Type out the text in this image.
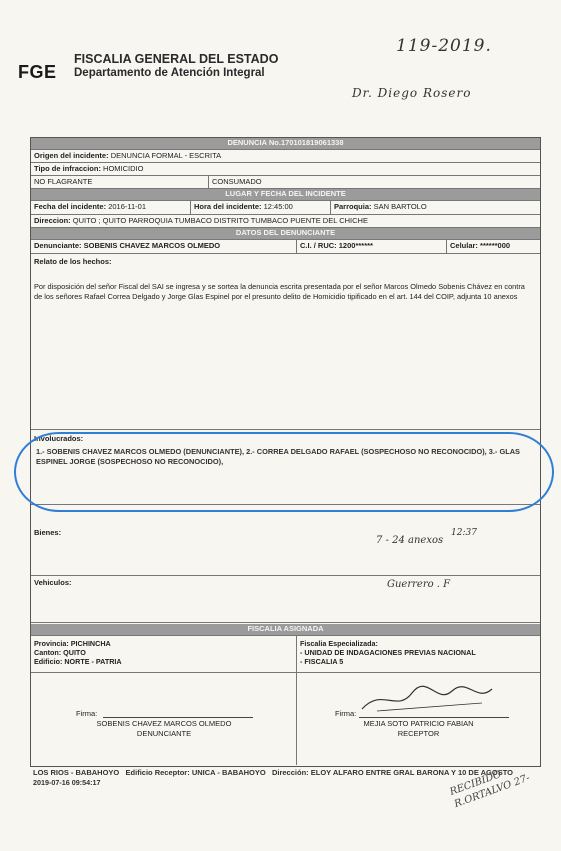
FGE
FISCALIA GENERAL DEL ESTADO
Departamento de Atención Integral
119-2019.
Dr. Diego Rosero
DENUNCIA No.170101819061338
Origen del incidente: DENUNCIA FORMAL - ESCRITA
Tipo de infraccion: HOMICIDIO
NO FLAGRANTE	CONSUMADO
LUGAR Y FECHA DEL INCIDENTE
Fecha del incidente: 2016-11-01	Hora del incidente: 12:45:00	Parroquia: SAN BARTOLO
Direccion: QUITO ; QUITO PARROQUIA TUMBACO DISTRITO TUMBACO PUENTE DEL CHICHE
DATOS DEL DENUNCIANTE
Denunciante: SOBENIS CHAVEZ MARCOS OLMEDO	C.I. / RUC: 1200******	Celular: ******000
Relato de los hechos:
Por disposición del señor Fiscal del SAI se ingresa y se sortea la denuncia escrita presentada por el señor Marcos Olmedo Sobenis Chávez en contra de los señores Rafael Correa Delgado y Jorge Glas Espinel por el presunto delito de Homicidio tipificado en el art. 144 del COIP, adjunta 10 anexos
Involucrados:
1.- SOBENIS CHAVEZ MARCOS OLMEDO (DENUNCIANTE), 2.- CORREA DELGADO RAFAEL (SOSPECHOSO NO RECONOCIDO), 3.- GLAS ESPINEL JORGE (SOSPECHOSO NO RECONOCIDO),
Bienes:
7 - 24 anexos
12:37
Vehiculos:	Guerrero . F
FISCALIA ASIGNADA
Provincia: PICHINCHA
Canton: QUITO
Edificio: NORTE - PATRIA
Fiscalia Especializada:
- UNIDAD DE INDAGACIONES PREVIAS NACIONAL
- FISCALIA 5
Firma:
SOBENIS CHAVEZ MARCOS OLMEDO
DENUNCIANTE
Firma:
MEJIA SOTO PATRICIO FABIAN
RECEPTOR
LOS RIOS - BABAHOYO Edificio Receptor: UNICA - BABAHOYO Dirección: ELOY ALFARO ENTRE GRAL BARONA Y 10 DE AGOSTO
2019-07-16 09:54:17	RECIBIDO R.ORTALVO 27-
